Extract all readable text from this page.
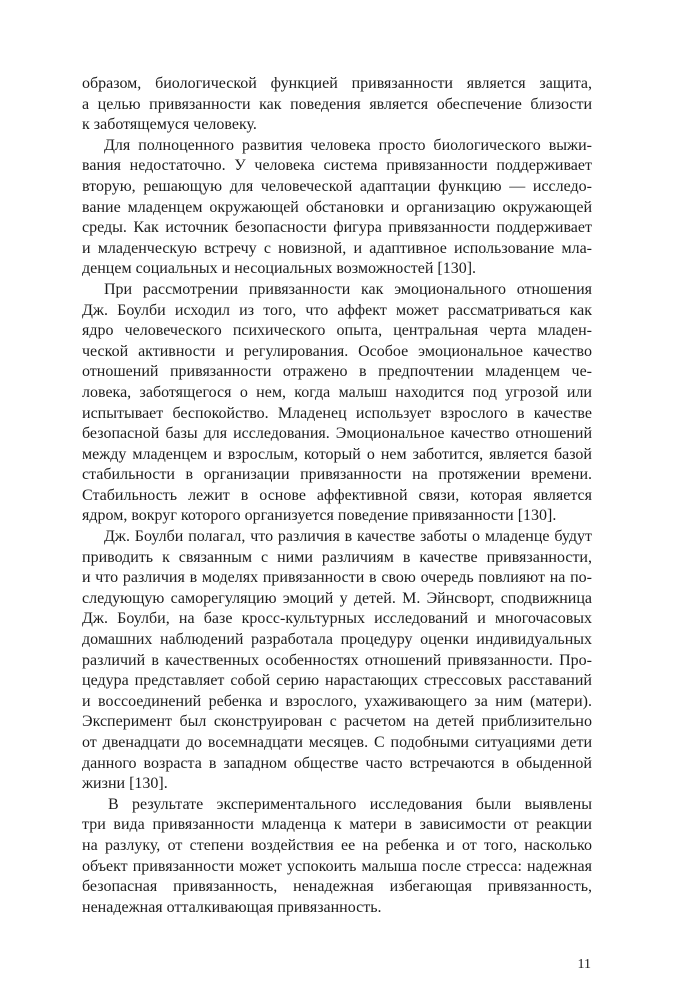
образом, биологической функцией привязанности является защита,
а целью привязанности как поведения является обеспечение близости
к заботящемуся человеку.
Для полноценного развития человека просто биологического выжи-
вания недостаточно. У человека система привязанности поддерживает
вторую, решающую для человеческой адаптации функцию — исследо-
вание младенцем окружающей обстановки и организацию окружающей
среды. Как источник безопасности фигура привязанности поддерживает
и младенческую встречу с новизной, и адаптивное использование мла-
денцем социальных и несоциальных возможностей [130].
При рассмотрении привязанности как эмоционального отношения
Дж. Боулби исходил из того, что аффект может рассматриваться как
ядро человеческого психического опыта, центральная черта младен-
ческой активности и регулирования. Особое эмоциональное качество
отношений привязанности отражено в предпочтении младенцем че-
ловека, заботящегося о нем, когда малыш находится под угрозой или
испытывает беспокойство. Младенец использует взрослого в качестве
безопасной базы для исследования. Эмоциональное качество отношений
между младенцем и взрослым, который о нем заботится, является базой
стабильности в организации привязанности на протяжении времени.
Стабильность лежит в основе аффективной связи, которая является
ядром, вокруг которого организуется поведение привязанности [130].
Дж. Боулби полагал, что различия в качестве заботы о младенце будут
приводить к связанным с ними различиям в качестве привязанности,
и что различия в моделях привязанности в свою очередь повлияют на по-
следующую саморегуляцию эмоций у детей. М. Эйнсворт, сподвижница
Дж. Боулби, на базе кросс-культурных исследований и многочасовых
домашних наблюдений разработала процедуру оценки индивидуальных
различий в качественных особенностях отношений привязанности. Про-
цедура представляет собой серию нарастающих стрессовых расставаний
и воссоединений ребенка и взрослого, ухаживающего за ним (матери).
Эксперимент был сконструирован с расчетом на детей приблизительно
от двенадцати до восемнадцати месяцев. С подобными ситуациями дети
данного возраста в западном обществе часто встречаются в обыденной
жизни [130].
В результате экспериментального исследования были выявлены
три вида привязанности младенца к матери в зависимости от реакции
на разлуку, от степени воздействия ее на ребенка и от того, насколько
объект привязанности может успокоить малыша после стресса: надежная
безопасная привязанность, ненадежная избегающая привязанность,
ненадежная отталкивающая привязанность.
11
